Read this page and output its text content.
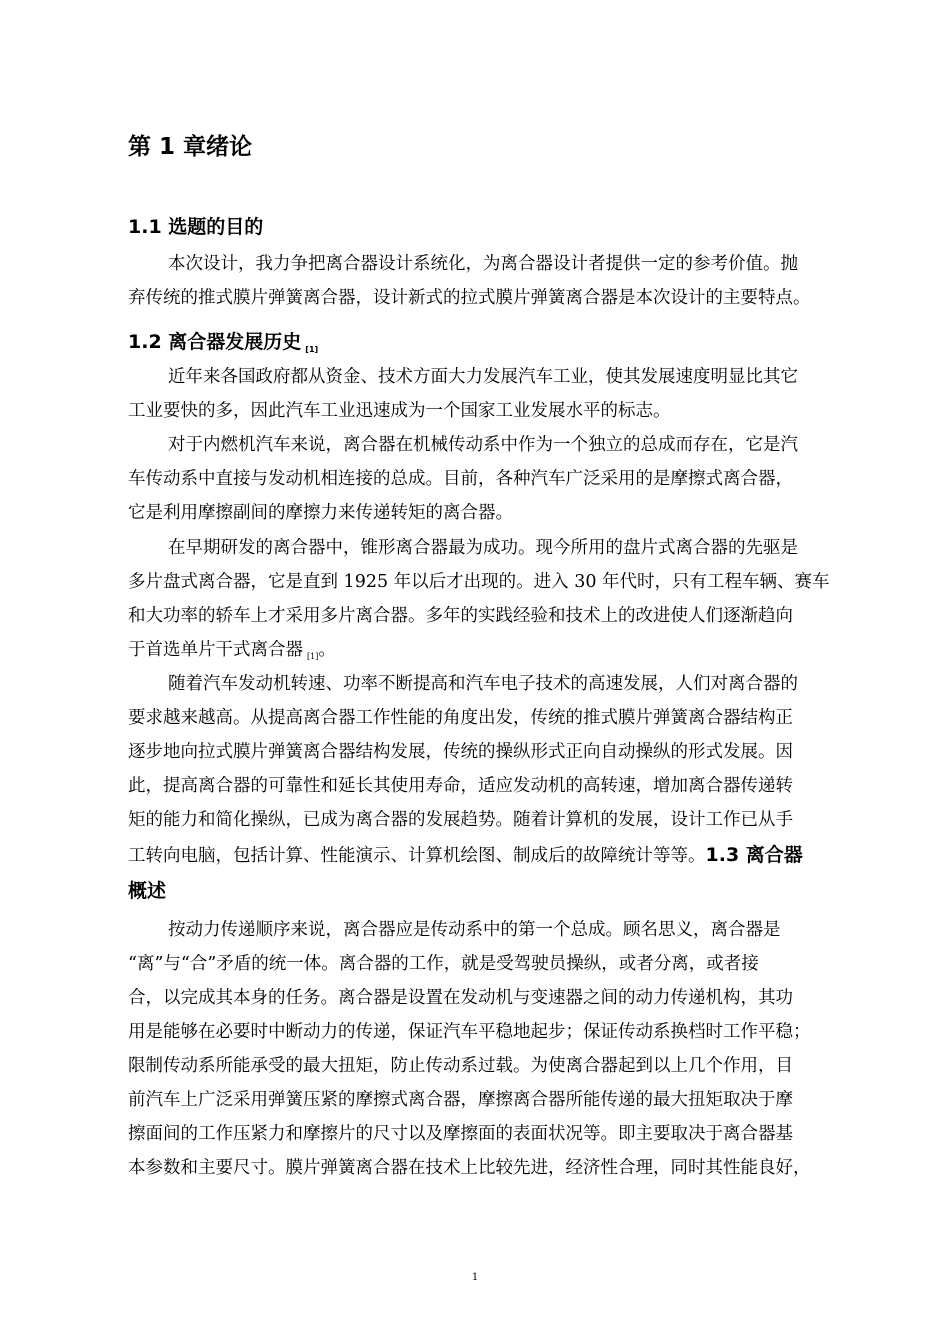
第 1 章绪论
1.1 选题的目的

本次设计，我力争把离合器设计系统化，为离合器设计者提供一定的参考价值。抛

弃传统的推式膜片弹簧离合器，设计新式的拉式膜片弹簧离合器是本次设计的主要特点。

1.2 离合器发展历史 $_{[1]}$

近年来各国政府都从资金、技术方面大力发展汽车工业，使其发展速度明显比其它

工业要快的多，因此汽车工业迅速成为一个国家工业发展水平的标志。

对于内燃机汽车来说，离合器在机械传动系中作为一个独立的总成而存在，它是汽

车传动系中直接与发动机相连接的总成。目前，各种汽车广泛采用的是摩擦式离合器，

它是利用摩擦副间的摩擦力来传递转矩的离合器。

在早期研发的离合器中，锥形离合器最为成功。现今所用的盘片式离合器的先驱是

多片盘式离合器，它是直到 1925 年以后才出现的。进入 30 年代时，只有工程车辆、赛车

和大功率的轿车上才采用多片离合器。多年的实践经验和技术上的改进使人们逐渐趋向

于首选单片干式离合器 $_{[1]}$。

随着汽车发动机转速、功率不断提高和汽车电子技术的高速发展，人们对离合器的

要求越来越高。从提高离合器工作性能的角度出发，传统的推式膜片弹簧离合器结构正

逐步地向拉式膜片弹簧离合器结构发展，传统的操纵形式正向自动操纵的形式发展。因

此，提高离合器的可靠性和延长其使用寿命，适应发动机的高转速，增加离合器传递转

矩的能力和简化操纵，已成为离合器的发展趋势。随着计算机的发展，设计工作已从手

工转向电脑，包括计算、性能演示、计算机绘图、制成后的故障统计等等。1.3 离合器

概述

按动力传递顺序来说，离合器应是传动系中的第一个总成。顾名思义，离合器是

“离”与“合”矛盾的统一体。离合器的工作，就是受驾驶员操纵，或者分离，或者接

合，以完成其本身的任务。离合器是设置在发动机与变速器之间的动力传递机构，其功

用是能够在必要时中断动力的传递，保证汽车平稳地起步；保证传动系换档时工作平稳；

限制传动系所能承受的最大扭矩，防止传动系过载。为使离合器起到以上几个作用，目

前汽车上广泛采用弹簧压紧的摩擦式离合器，摩擦离合器所能传递的最大扭矩取决于摩

擦面间的工作压紧力和摩擦片的尺寸以及摩擦面的表面状况等。即主要取决于离合器基

本参数和主要尺寸。膜片弹簧离合器在技术上比较先进，经济性合理，同时其性能良好，

1
